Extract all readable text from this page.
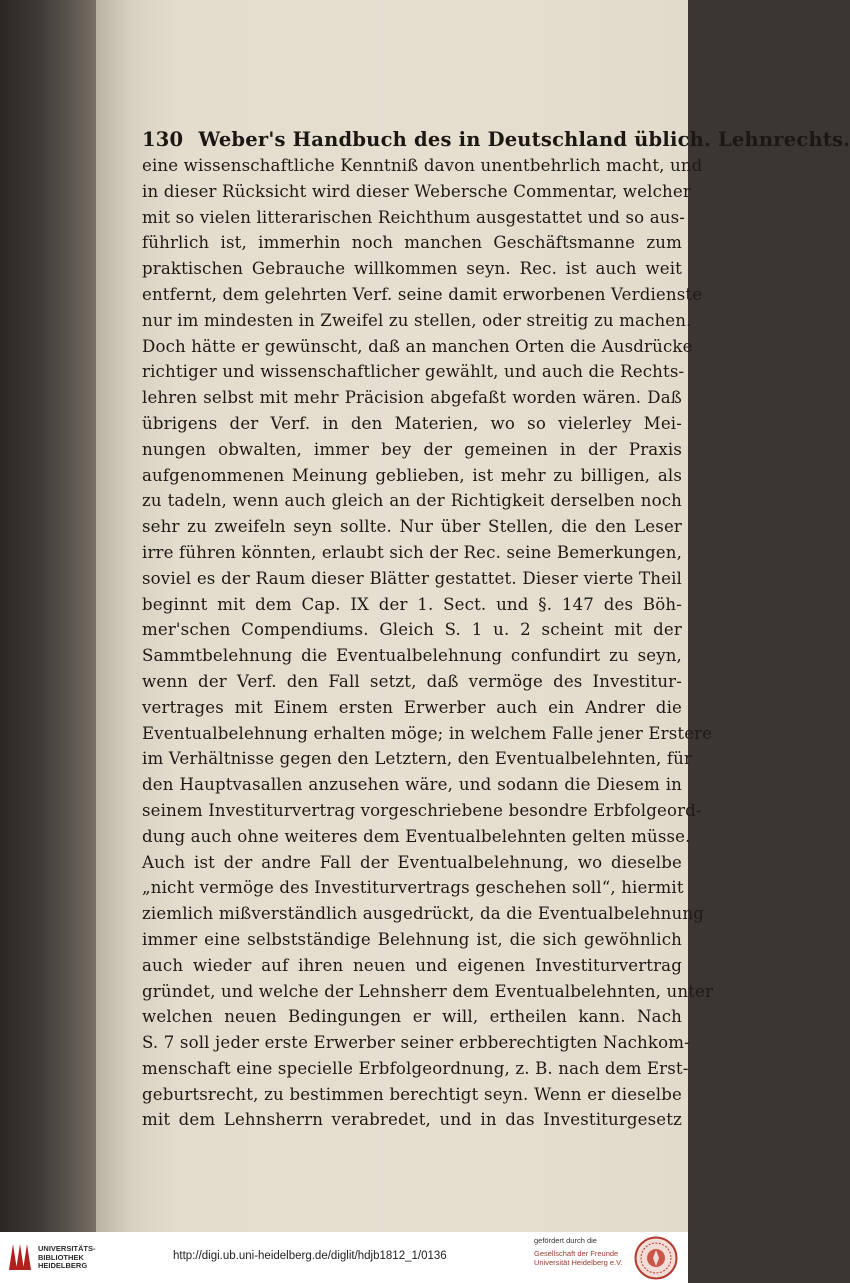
130 Weber's Handbuch des in Deutschland üblich. Lehnrechts.
eine wissenschaftliche Kenntniß davon unentbehrlich macht, und
in dieser Rücksicht wird dieser Webersche Commentar, welcher
mit so vielen litterarischen Reichthum ausgestattet und so aus-
führlich ist, immerhin noch manchen Geschäftsmanne zum
praktischen Gebrauche willkommen seyn. Rec. ist auch weit
entfernt, dem gelehrten Verf. seine damit erworbenen Verdienste
nur im mindesten in Zweifel zu stellen, oder streitig zu machen.
Doch hätte er gewünscht, daß an manchen Orten die Ausdrücke
richtiger und wissenschaftlicher gewählt, und auch die Rechts-
lehren selbst mit mehr Präcision abgefaßt worden wären. Daß
übrigens der Verf. in den Materien, wo so vielerley Mei-
nungen obwalten, immer bey der gemeinen in der Praxis
aufgenommenen Meinung geblieben, ist mehr zu billigen, als
zu tadeln, wenn auch gleich an der Richtigkeit derselben noch
sehr zu zweifeln seyn sollte. Nur über Stellen, die den Leser
irre führen könnten, erlaubt sich der Rec. seine Bemerkungen,
soviel es der Raum dieser Blätter gestattet. Dieser vierte Theil
beginnt mit dem Cap. IX der 1. Sect. und §. 147 des Böh-
mer'schen Compendiums. Gleich S. 1 u. 2 scheint mit der
Sammtbelehnung die Eventualbelehnung confundirt zu seyn,
wenn der Verf. den Fall setzt, daß vermöge des Investitur-
vertrages mit Einem ersten Erwerber auch ein Andrer die
Eventualbelehnung erhalten möge; in welchem Falle jener Erstere
im Verhältnisse gegen den Letztern, den Eventualbelehnten, für
den Hauptvasallen anzusehen wäre, und sodann die Diesem in
seinem Investiturvertrag vorgeschriebene besondre Erbfolgeord-
dung auch ohne weiteres dem Eventualbelehnten gelten müsse.
Auch ist der andre Fall der Eventualbelehnung, wo dieselbe
„nicht vermöge des Investiturvertrags geschehen soll“, hiermit
ziemlich mißverständlich ausgedrückt, da die Eventualbelehnung
immer eine selbstständige Belehnung ist, die sich gewöhnlich
auch wieder auf ihren neuen und eigenen Investiturvertrag
gründet, und welche der Lehnsherr dem Eventualbelehnten, unter
welchen neuen Bedingungen er will, ertheilen kann. Nach
S. 7 soll jeder erste Erwerber seiner erbberechtigten Nachkom-
menschaft eine specielle Erbfolgeordnung, z. B. nach dem Erst-
geburtsrecht, zu bestimmen berechtigt seyn. Wenn er dieselbe
mit dem Lehnsherrn verabredet, und in das Investiturgesetz
UNIVERSITÄTS-
BIBLIOTHEK
HEIDELBERG
http://digi.ub.uni-heidelberg.de/diglit/hdjb1812_1/0136
gefördert durch die
Gesellschaft der Freunde
Universität Heidelberg e.V.
